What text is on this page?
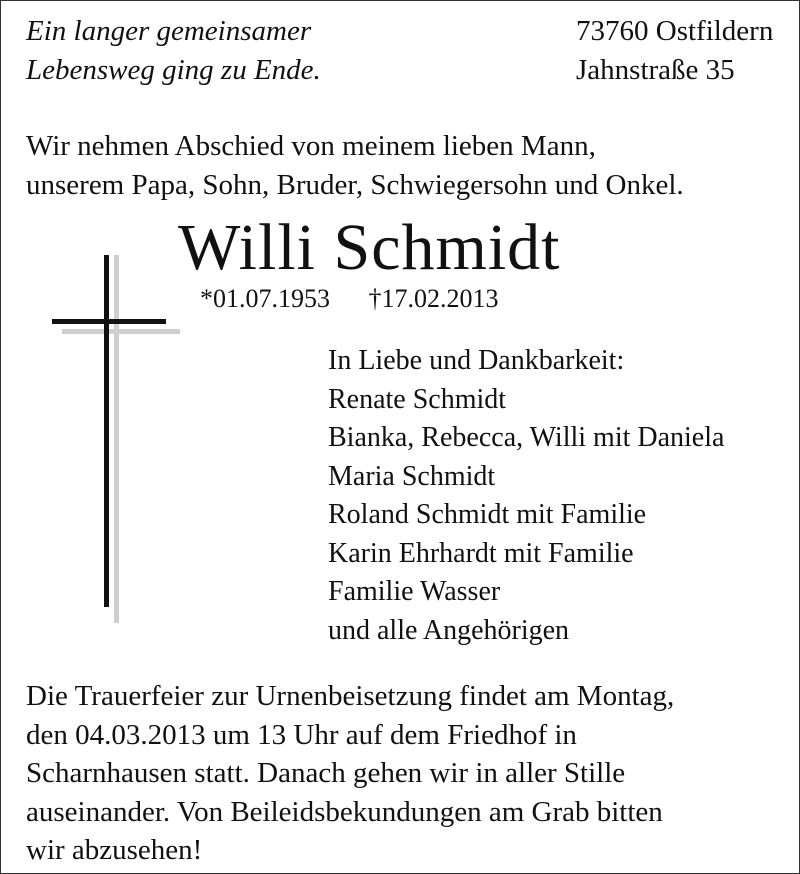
Ein langer gemeinsamer
Lebensweg ging zu Ende.
73760 Ostfildern
Jahnstraße 35
Wir nehmen Abschied von meinem lieben Mann,
unserem Papa, Sohn, Bruder, Schwiegersohn und Onkel.
Willi Schmidt
*01.07.1953 †17.02.2013
In Liebe und Dankbarkeit:
Renate Schmidt
Bianka, Rebecca, Willi mit Daniela
Maria Schmidt
Roland Schmidt mit Familie
Karin Ehrhardt mit Familie
Familie Wasser
und alle Angehörigen
Die Trauerfeier zur Urnenbeisetzung findet am Montag,
den 04.03.2013 um 13 Uhr auf dem Friedhof in
Scharnhausen statt. Danach gehen wir in aller Stille
auseinander. Von Beileidsbekundungen am Grab bitten
wir abzusehen!
